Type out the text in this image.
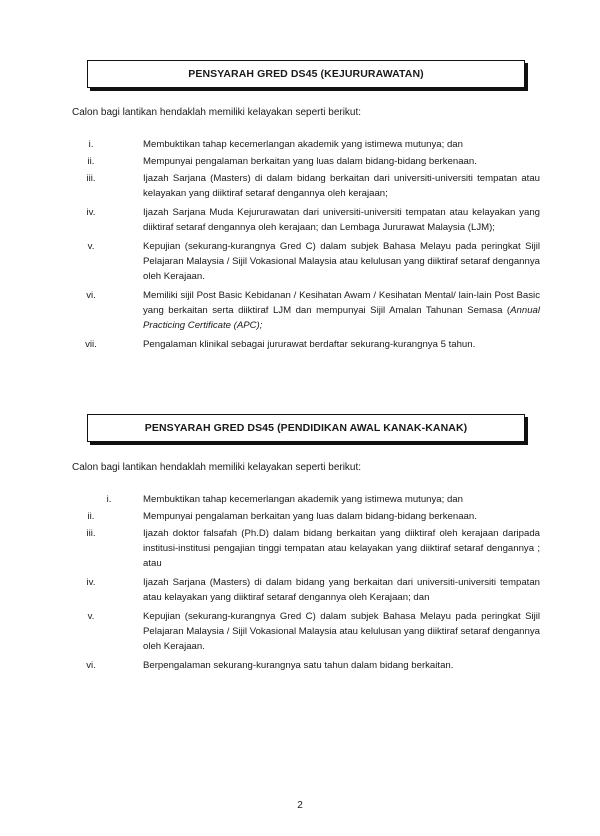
PENSYARAH GRED DS45 (KEJURURAWATAN)
Calon bagi lantikan hendaklah memiliki kelayakan seperti berikut:
i.	Membuktikan tahap kecemerlangan akademik yang istimewa mutunya; dan
ii.	Mempunyai pengalaman berkaitan yang luas dalam bidang-bidang berkenaan.
iii.	Ijazah Sarjana (Masters) di dalam bidang berkaitan dari universiti-universiti tempatan atau kelayakan yang diiktiraf setaraf dengannya oleh kerajaan;
iv.	Ijazah Sarjana Muda Kejururawatan dari universiti-universiti tempatan atau kelayakan yang diiktiraf setaraf dengannya oleh kerajaan; dan Lembaga Jururawat Malaysia (LJM);
v.	Kepujian (sekurang-kurangnya Gred C) dalam subjek Bahasa Melayu pada peringkat Sijil Pelajaran Malaysia / Sijil Vokasional Malaysia atau kelulusan yang diiktiraf setaraf dengannya oleh Kerajaan.
vi.	Memiliki sijil Post Basic Kebidanan / Kesihatan Awam / Kesihatan Mental/ lain-lain Post Basic yang berkaitan serta diiktiraf LJM dan mempunyai Sijil Amalan Tahunan Semasa (Annual Practicing Certificate (APC);
vii.	Pengalaman klinikal sebagai jururawat berdaftar sekurang-kurangnya 5 tahun.
PENSYARAH GRED DS45 (PENDIDIKAN AWAL KANAK-KANAK)
Calon bagi lantikan hendaklah memiliki kelayakan seperti berikut:
i.	Membuktikan tahap kecemerlangan akademik yang istimewa mutunya; dan
ii.	Mempunyai pengalaman berkaitan yang luas dalam bidang-bidang berkenaan.
iii.	Ijazah doktor falsafah (Ph.D) dalam bidang berkaitan yang diiktiraf oleh kerajaan daripada institusi-institusi pengajian tinggi tempatan atau kelayakan yang diiktiraf setaraf dengannya ; atau
iv.	Ijazah Sarjana (Masters) di dalam bidang yang berkaitan dari universiti-universiti tempatan atau kelayakan yang diiktiraf setaraf dengannya oleh Kerajaan; dan
v.	Kepujian (sekurang-kurangnya Gred C) dalam subjek Bahasa Melayu pada peringkat Sijil Pelajaran Malaysia / Sijil Vokasional Malaysia atau kelulusan yang diiktiraf setaraf dengannya oleh Kerajaan.
vi.	Berpengalaman sekurang-kurangnya satu tahun dalam bidang berkaitan.
2
